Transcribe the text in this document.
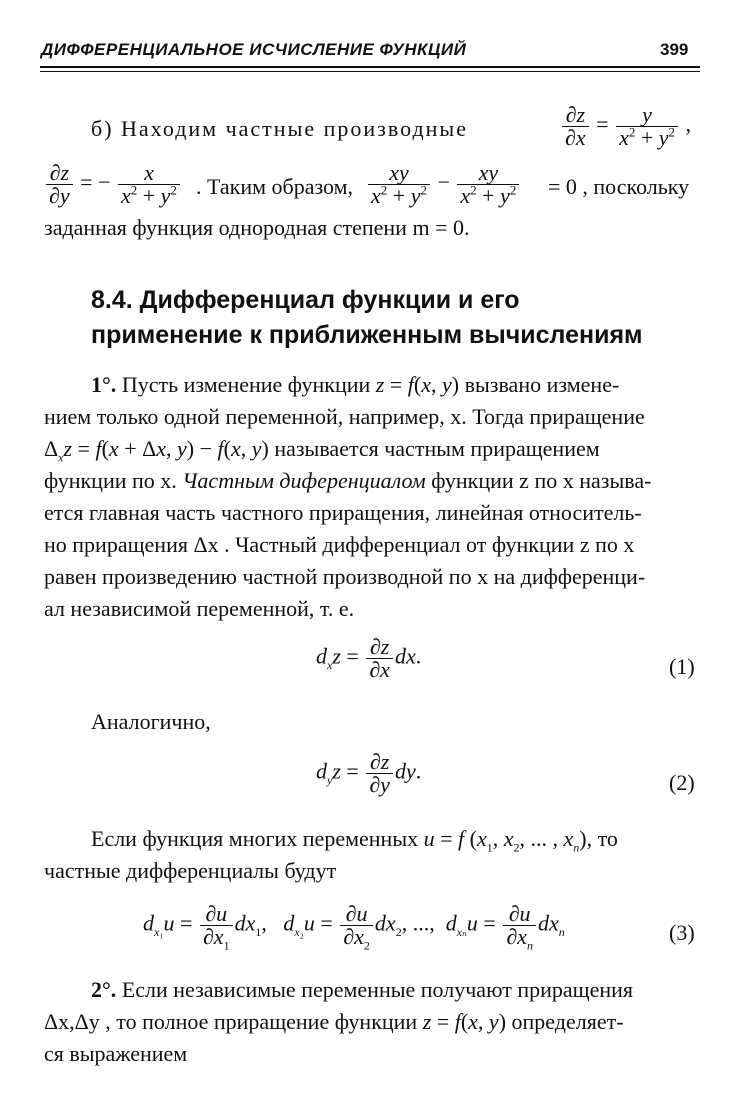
ДИФФЕРЕНЦИАЛЬНОЕ ИСЧИСЛЕНИЕ ФУНКЦИЙ	399
б) Находим частные производные	$\frac{\partial z}{\partial x} = \frac{y}{x^2 + y^2}$ ,
$\frac{\partial z}{\partial y}$ = − $\frac{x}{x^2 + y^2}$ . Таким образом, $\frac{xy}{x^2 + y^2} - \frac{xy}{x^2 + y^2} = 0$ , поскольку
заданная функция однородная степени m = 0.
8.4. Дифференциал функции и его
применение к приближенным вычислениям
1°. Пусть изменение функции z = f(x, y) вызвано измене-
нием только одной переменной, например, x. Тогда приращение
$\Delta_xz = f(x + \Delta x$, y) − f(x, y) называется частным приращением
функции по x. Частным диференциалом функции z по x называ-
ется главная часть частного приращения, линейная относитель-
но приращения Δx . Частный дифференциал от функции z по x
равен произведению частной производной по x на дифференци-
ал независимой переменной, т. е.
$d_xz = \frac{\partial z}{\partial x}$ dx.	(1)
Аналогично,
$d_yz = \frac{\partial z}{\partial y}$ dy.	(2)
Если функция многих переменных u = f ($x_1$, $x_2$, ... , $x_n$), то
частные дифференциалы будут
$d_{x_1}u = \frac{\partial u}{\partial x_1} dx_1$,   $d_{x_2}u = \frac{\partial u}{\partial x_2} dx_2$, ...,  $d_{x_n}u = \frac{\partial u}{\partial x_n} dx_n$	(3)
2°. Если независимые переменные получают приращения
Δx,Δy , то полное приращение функции z = f(x, y) определяет-
ся выражением
